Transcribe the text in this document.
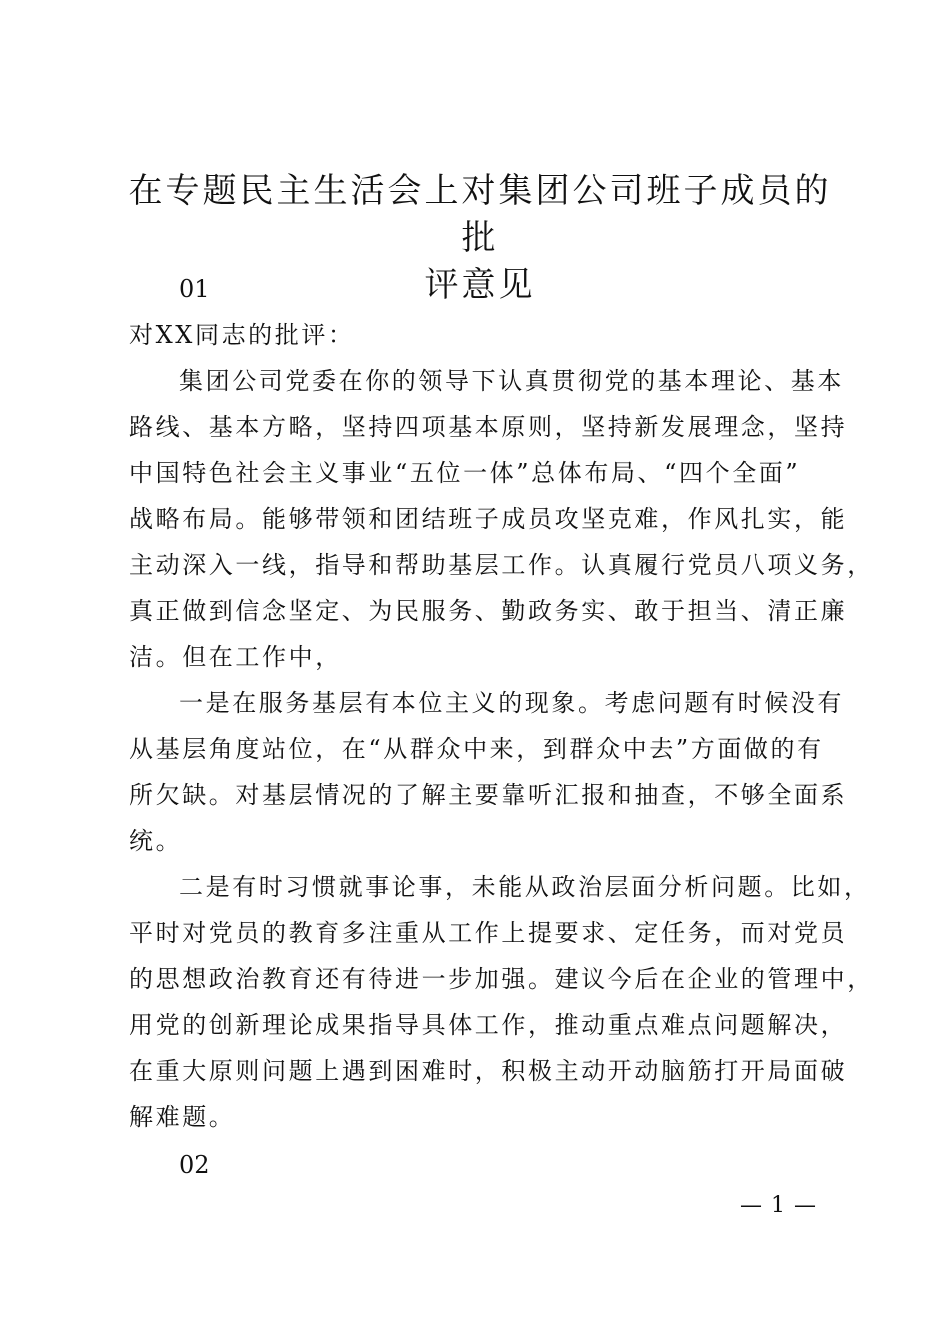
在专题民主生活会上对集团公司班子成员的批
评意见

01

对XX同志的批评：

集团公司党委在你的领导下认真贯彻党的基本理论、基本

路线、基本方略，坚持四项基本原则，坚持新发展理念，坚持

中国特色社会主义事业“五位一体”总体布局、“四个全面”

战略布局。能够带领和团结班子成员攻坚克难，作风扎实，能

主动深入一线，指导和帮助基层工作。认真履行党员八项义务，

真正做到信念坚定、为民服务、勤政务实、敢于担当、清正廉

洁。但在工作中，

一是在服务基层有本位主义的现象。考虑问题有时候没有

从基层角度站位，在“从群众中来，到群众中去”方面做的有

所欠缺。对基层情况的了解主要靠听汇报和抽查，不够全面系

统。

二是有时习惯就事论事，未能从政治层面分析问题。比如，

平时对党员的教育多注重从工作上提要求、定任务，而对党员

的思想政治教育还有待进一步加强。建议今后在企业的管理中，

用党的创新理论成果指导具体工作，推动重点难点问题解决，

在重大原则问题上遇到困难时，积极主动开动脑筋打开局面破

解难题。

02

— 1 —
